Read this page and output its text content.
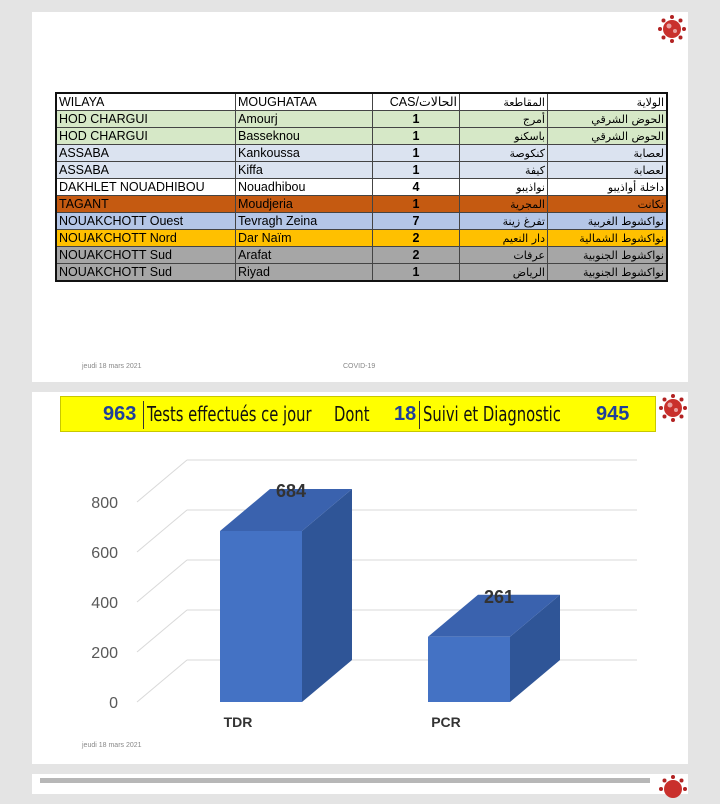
WILAYA	MOUGHATAA	CAS/الحالات	المقاطعة	الولاية
HOD CHARGUI	Amourj	1	أمرج	الحوض الشرقي
HOD CHARGUI	Basseknou	1	باسكنو	الحوض الشرقي
ASSABA	Kankoussa	1	كنكوصة	لعصابة
ASSABA	Kiffa	1	كيفة	لعصابة
DAKHLET NOUADHIBOU	Nouadhibou	4	نواذيبو	داخلة أواذيبو
TAGANT	Moudjeria	1	المجرية	تكانت
NOUAKCHOTT Ouest	Tevragh Zeina	7	تفرغ زينة	نواكشوط الغربية
NOUAKCHOTT Nord	Dar Naïm	2	دار النعيم	نواكشوط الشمالية
NOUAKCHOTT Sud	Arafat	2	عرفات	نواكشوط الجنوبية
NOUAKCHOTT Sud	Riyad	1	الرياض	نواكشوط الجنوبية
jeudi 18 mars 2021	COVID-19
963 Tests effectués ce jour Dont 18 Suivi et Diagnostic 945
0
200
400
600
800
684
TDR
261
PCR
jeudi 18 mars 2021
